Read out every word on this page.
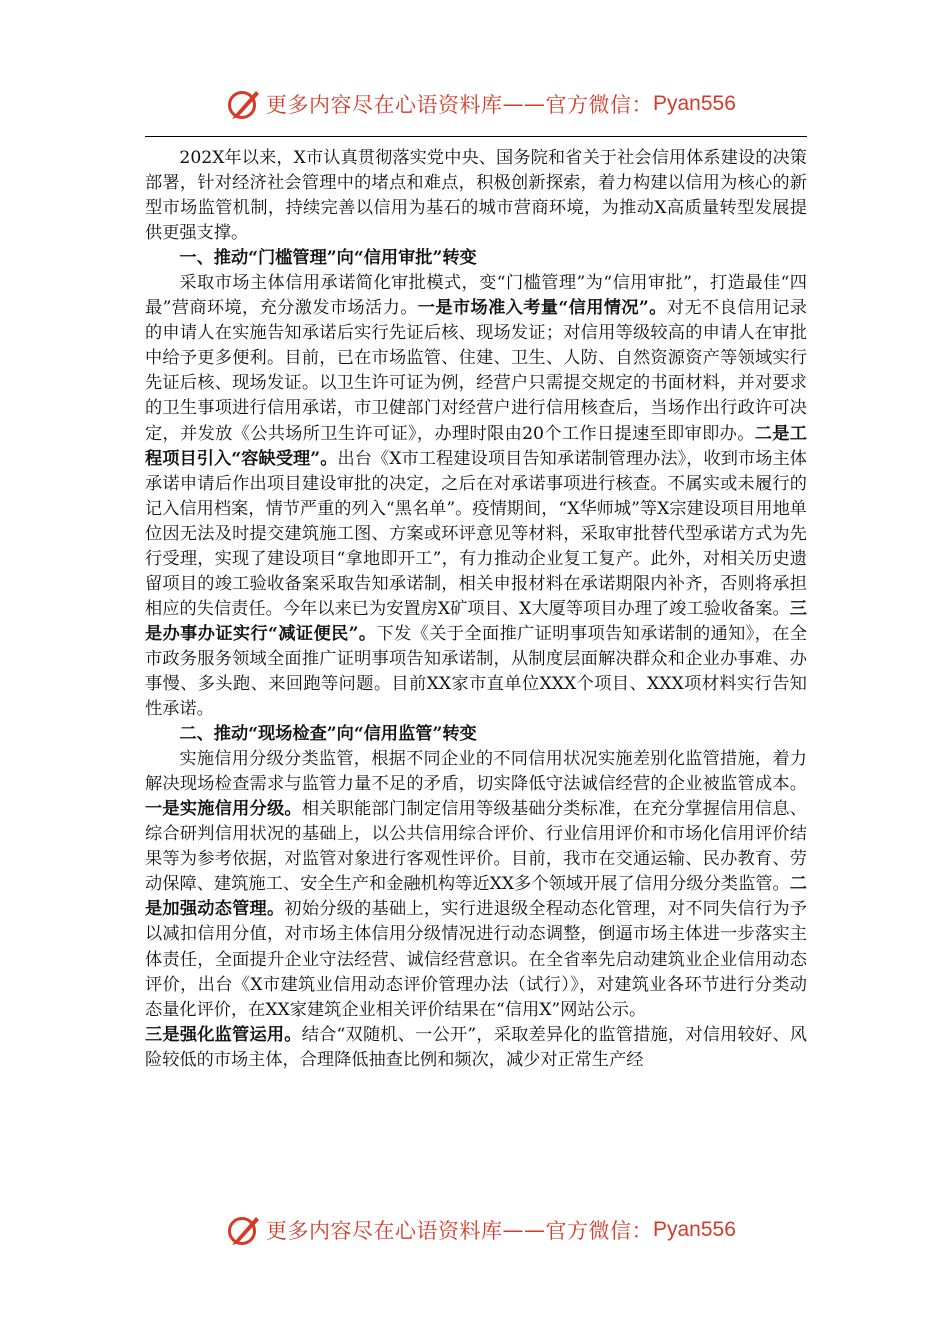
更多内容尽在心语资料库 —— 官方微信： Pyan556

202X年以来，X市认真贯彻落实党中央、国务院和省关于社会信用体系建设的决策部署，针对经济社会管理中的堵点和难点，积极创新探索，着力构建以信用为核心的新型市场监管机制，持续完善以信用为基石的城市营商环境，为推动X高质量转型发展提供更强支撑。

一、推动“门槛管理”向“信用审批”转变

采取市场主体信用承诺简化审批模式，变“门槛管理”为“信用审批”，打造最佳“四最”营商环境，充分激发市场活力。一是市场准入考量“信用情况”。对无不良信用记录的申请人在实施告知承诺后实行先证后核、现场发证；对信用等级较高的申请人在审批中给予更多便利。目前，已在市场监管、住建、卫生、人防、自然资源资产等领域实行先证后核、现场发证。以卫生许可证为例，经营户只需提交规定的书面材料，并对要求的卫生事项进行信用承诺，市卫健部门对经营户进行信用核查后，当场作出行政许可决定，并发放《公共场所卫生许可证》，办理时限由20个工作日提速至即审即办。二是工程项目引入“容缺受理”。出台《X市工程建设项目告知承诺制管理办法》，收到市场主体承诺申请后作出项目建设审批的决定，之后在对承诺事项进行核查。不属实或未履行的记入信用档案，情节严重的列入“黑名单”。疫情期间，“X华师城”等X宗建设项目用地单位因无法及时提交建筑施工图、方案或环评意见等材料，采取审批替代型承诺方式为先行受理，实现了建设项目“拿地即开工”，有力推动企业复工复产。此外，对相关历史遗留项目的竣工验收备案采取告知承诺制，相关申报材料在承诺期限内补齐，否则将承担相应的失信责任。今年以来已为安置房X矿项目、X大厦等项目办理了竣工验收备案。三是办事办证实行“减证便民”。下发《关于全面推广证明事项告知承诺制的通知》，在全市政务服务领域全面推广证明事项告知承诺制，从制度层面解决群众和企业办事难、办事慢、多头跑、来回跑等问题。目前XX家市直单位XXX个项目、XXX项材料实行告知性承诺。

二、推动“现场检查”向“信用监管”转变

实施信用分级分类监管，根据不同企业的不同信用状况实施差别化监管措施，着力解决现场检查需求与监管力量不足的矛盾，切实降低守法诚信经营的企业被监管成本。一是实施信用分级。相关职能部门制定信用等级基础分类标准，在充分掌握信用信息、综合研判信用状况的基础上，以公共信用综合评价、行业信用评价和市场化信用评价结果等为参考依据，对监管对象进行客观性评价。目前，我市在交通运输、民办教育、劳动保障、建筑施工、安全生产和金融机构等近XX多个领域开展了信用分级分类监管。二是加强动态管理。初始分级的基础上，实行进退级全程动态化管理，对不同失信行为予以减扣信用分值，对市场主体信用分级情况进行动态调整，倒逼市场主体进一步落实主体责任，全面提升企业守法经营、诚信经营意识。在全省率先启动建筑业企业信用动态评价，出台《X市建筑业信用动态评价管理办法（试行）》，对建筑业各环节进行分类动态量化评价，在XX家建筑企业相关评价结果在“信用X”网站公示。

三是强化监管运用。结合“双随机、一公开”，采取差异化的监管措施，对信用较好、风险较低的市场主体，合理降低抽查比例和频次，减少对正常生产经

更多内容尽在心语资料库 —— 官方微信： Pyan556
